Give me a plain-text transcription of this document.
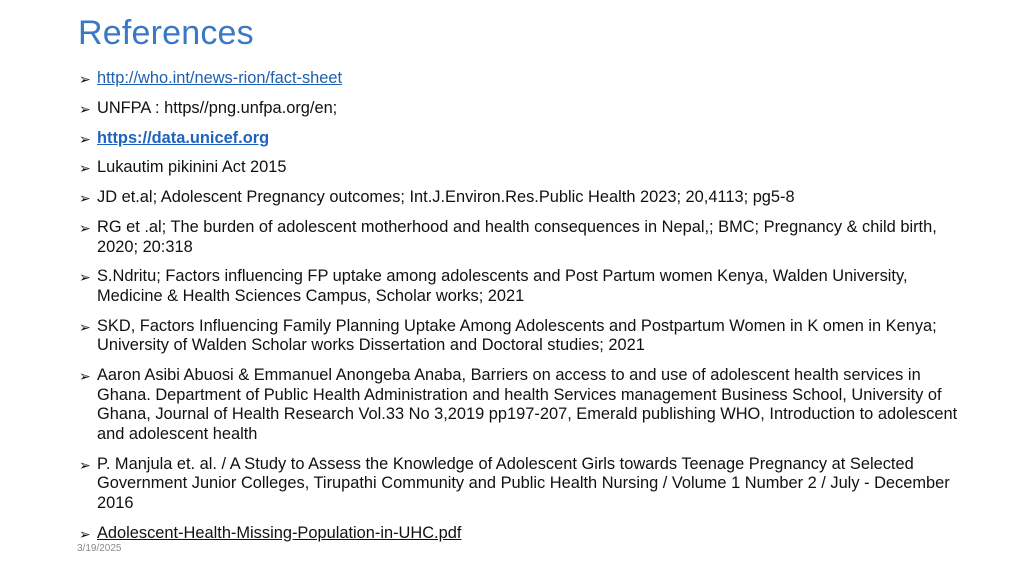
References
➢ http://who.int/news-rion/fact-sheet
➢ UNFPA : https//png.unfpa.org/en;
➢ https://data.unicef.org
➢ Lukautim pikinini Act 2015
➢ JD et.al; Adolescent Pregnancy outcomes; Int.J.Environ.Res.Public Health 2023; 20,4113; pg5-8
➢ RG et .al; The burden of adolescent motherhood and health consequences in Nepal,; BMC; Pregnancy & child birth, 2020; 20:318
➢ S.Ndritu; Factors influencing FP uptake among adolescents and Post Partum women Kenya, Walden University, Medicine & Health Sciences Campus, Scholar works; 2021
➢ SKD, Factors Influencing Family Planning Uptake Among Adolescents and Postpartum Women in K omen in Kenya; University of Walden Scholar works Dissertation and Doctoral studies; 2021
➢ Aaron Asibi Abuosi & Emmanuel Anongeba Anaba, Barriers on access to and use of adolescent health services in Ghana. Department of Public Health Administration and health Services management Business School, University of Ghana, Journal of Health Research Vol.33 No 3,2019 pp197-207, Emerald publishing WHO, Introduction to adolescent and adolescent health
➢ P. Manjula et. al. / A Study to Assess the Knowledge of Adolescent Girls towards Teenage Pregnancy at Selected Government Junior Colleges, Tirupathi Community and Public Health Nursing / Volume 1 Number 2 / July - December 2016
➢ Adolescent-Health-Missing-Population-in-UHC.pdf
3/19/2025
